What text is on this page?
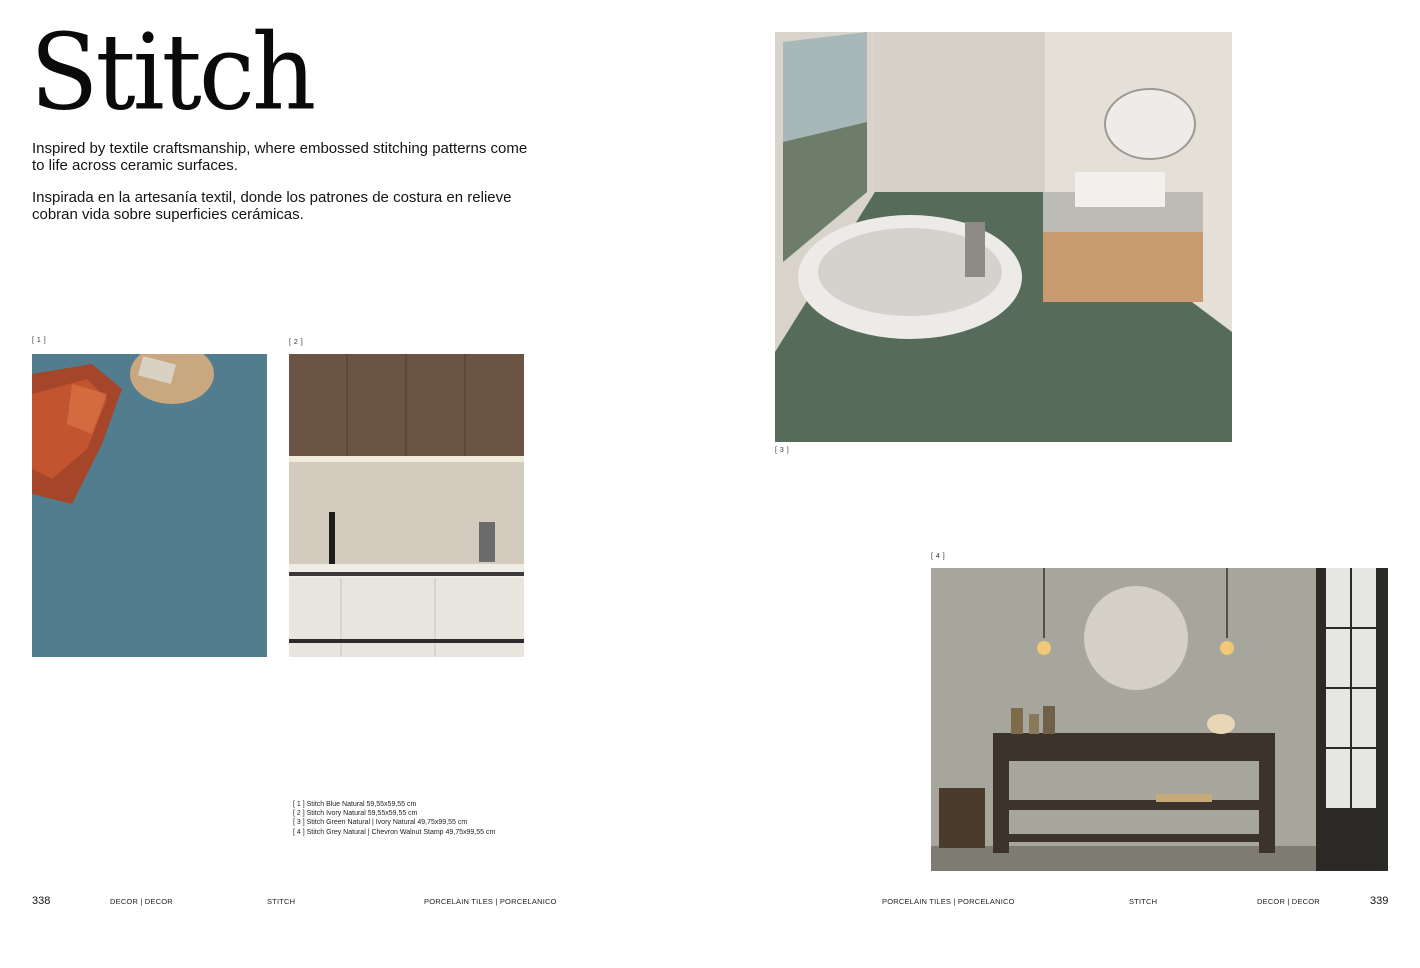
Stitch

Inspired by textile craftsmanship, where embossed stitching patterns come to life across ceramic surfaces.

Inspirada en la artesanía textil, donde los patrones de costura en relieve cobran vida sobre superficies cerámicas.

[ 1 ]	[ 2 ]
[ 1 ] Stitch Blue Natural 59,55x59,55 cm
[ 2 ] Stitch Ivory Natural 59,55x59,55 cm
[ 3 ] Stitch Green Natural | Ivory Natural 49,75x99,55 cm
[ 4 ] Stitch Grey Natural | Chevron Walnut Stamp 49,75x99,55 cm
[ 3 ]
[ 4 ]
338	DECOR | DECOR	STITCH	PORCELAIN TILES | PORCELANICO	PORCELAIN TILES | PORCELANICO	STITCH	DECOR | DECOR	339
